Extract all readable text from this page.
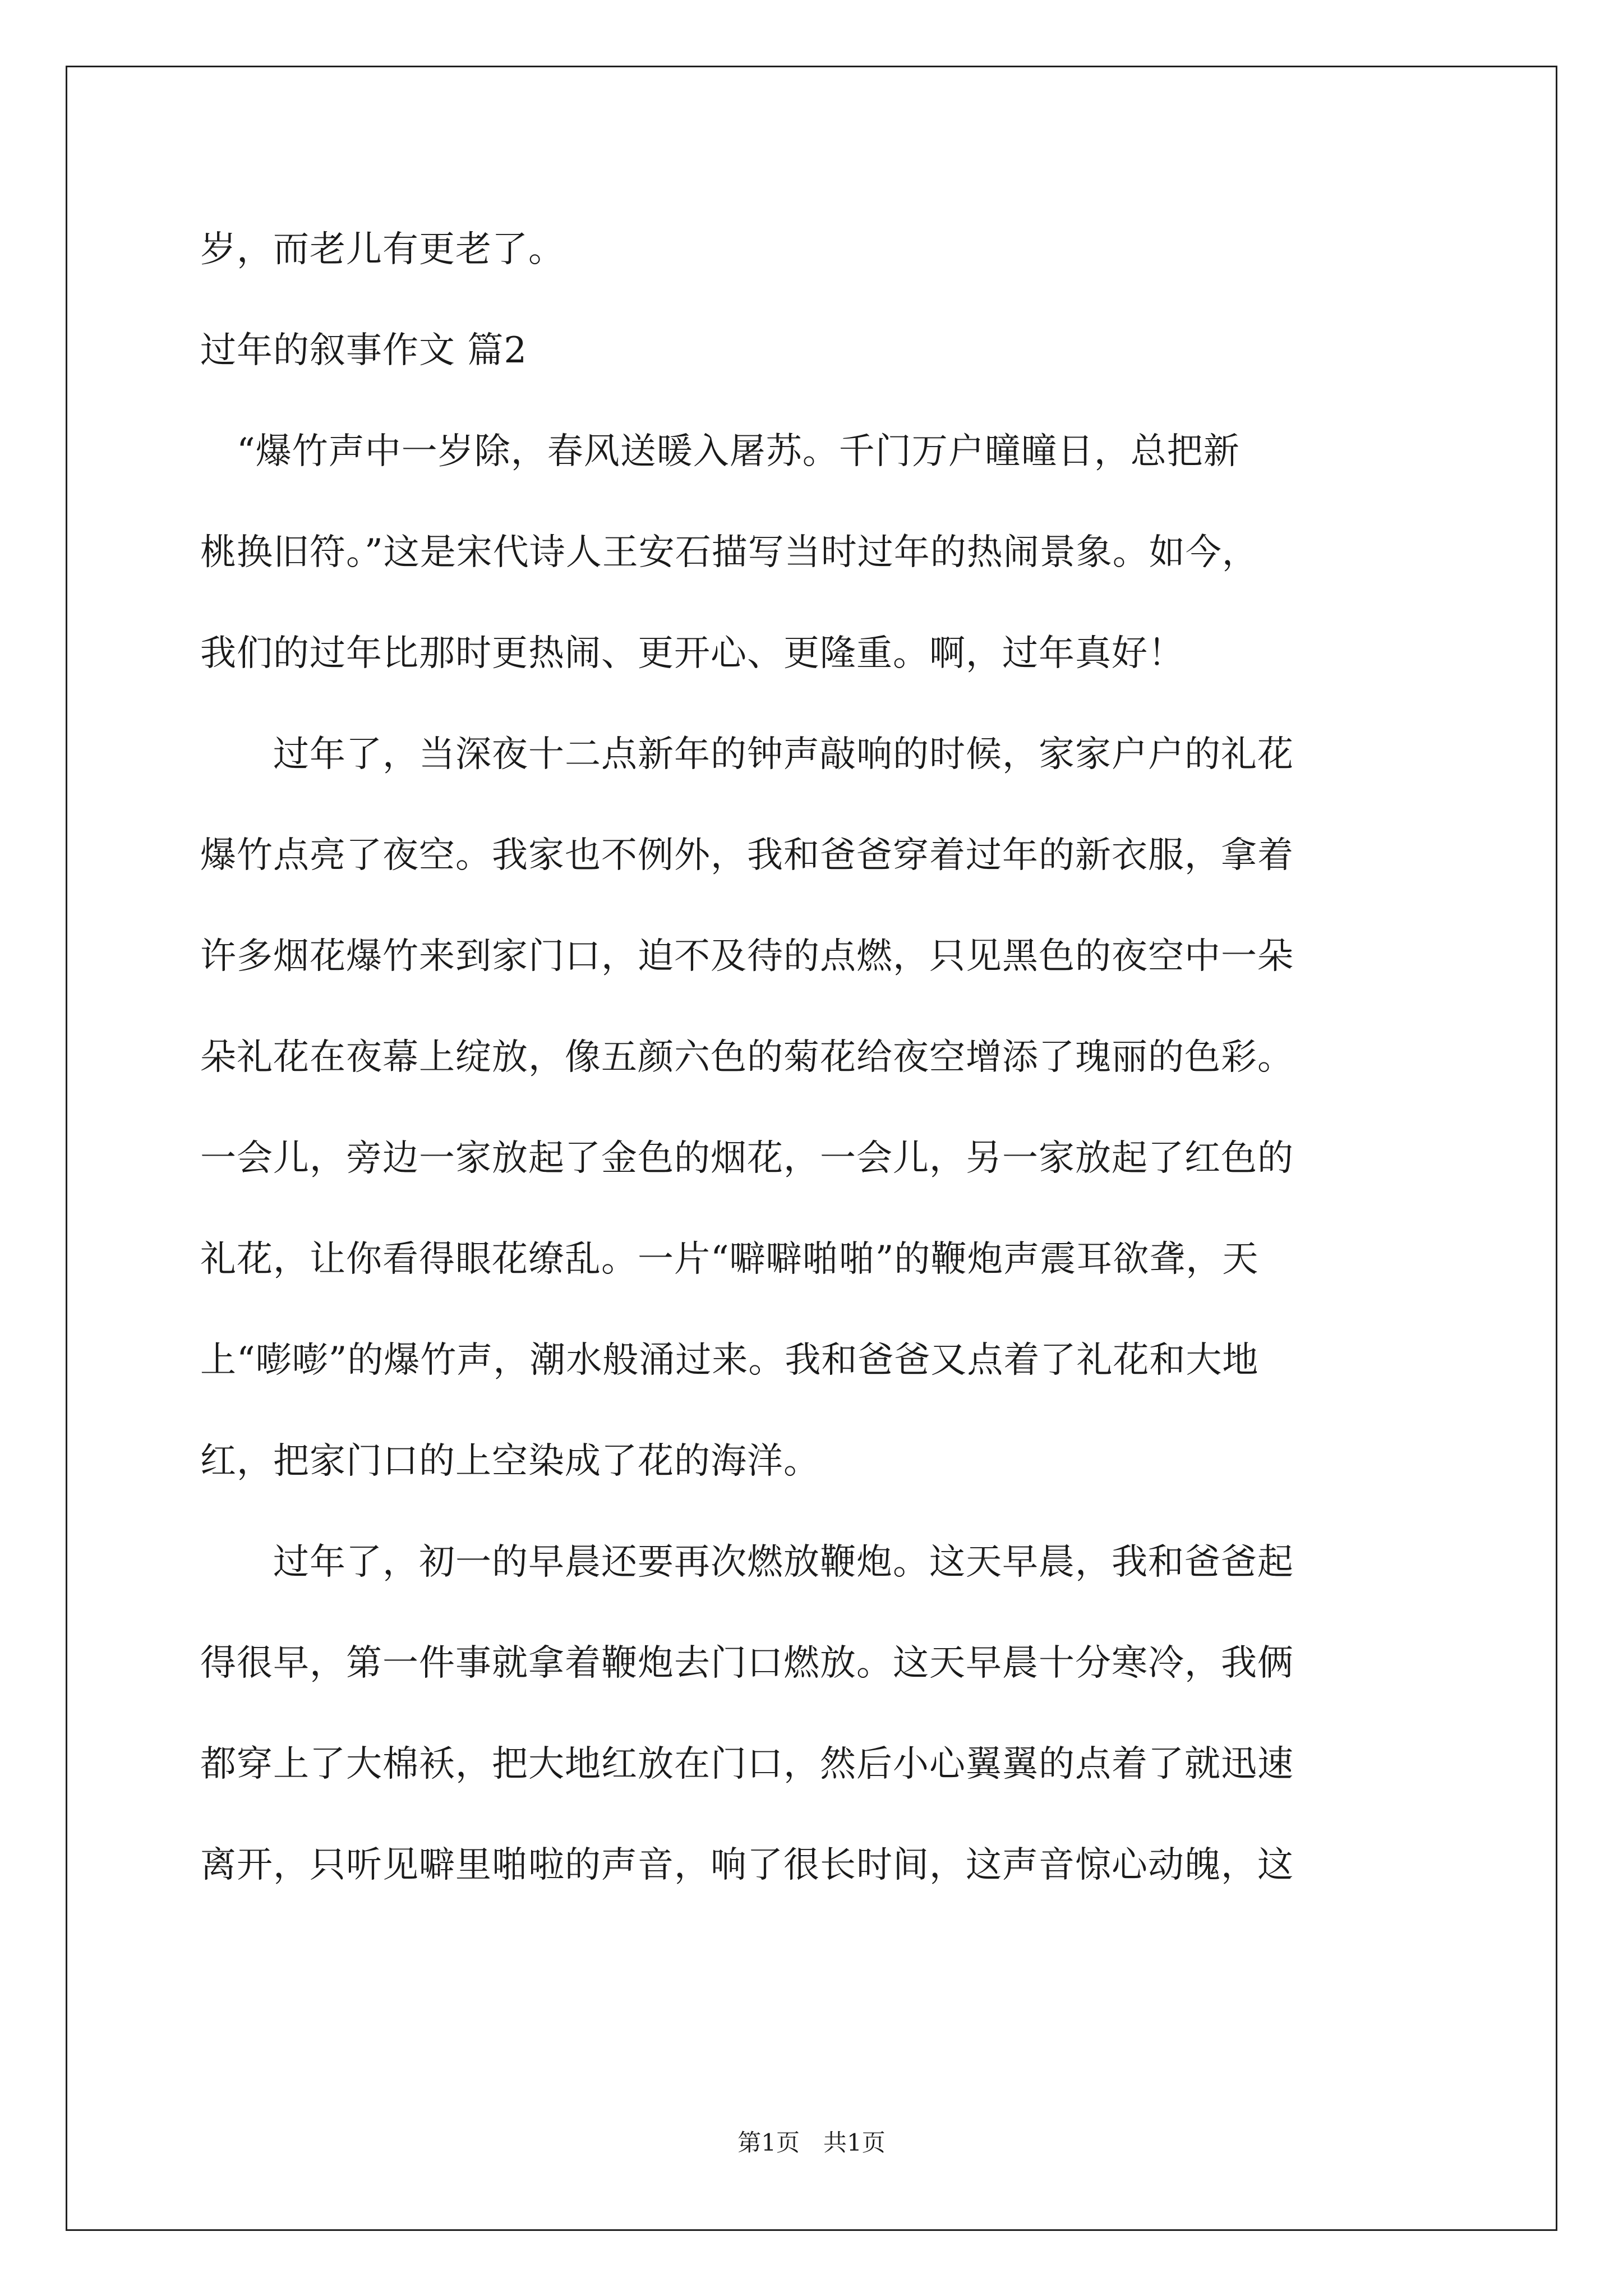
岁，而老儿有更老了。
过年的叙事作文 篇2
　“爆竹声中一岁除，春风送暖入屠苏。千门万户曈曈日，总把新
桃换旧符。”这是宋代诗人王安石描写当时过年的热闹景象。如今，
我们的过年比那时更热闹、更开心、更隆重。啊，过年真好！
　　过年了，当深夜十二点新年的钟声敲响的时候，家家户户的礼花
爆竹点亮了夜空。我家也不例外，我和爸爸穿着过年的新衣服，拿着
许多烟花爆竹来到家门口，迫不及待的点燃，只见黑色的夜空中一朵
朵礼花在夜幕上绽放，像五颜六色的菊花给夜空增添了瑰丽的色彩。
一会儿，旁边一家放起了金色的烟花，一会儿，另一家放起了红色的
礼花，让你看得眼花缭乱。一片“噼噼啪啪”的鞭炮声震耳欲聋，天
上“嘭嘭”的爆竹声，潮水般涌过来。我和爸爸又点着了礼花和大地
红，把家门口的上空染成了花的海洋。
　　过年了，初一的早晨还要再次燃放鞭炮。这天早晨，我和爸爸起
得很早，第一件事就拿着鞭炮去门口燃放。这天早晨十分寒冷，我俩
都穿上了大棉袄，把大地红放在门口，然后小心翼翼的点着了就迅速
离开，只听见噼里啪啦的声音，响了很长时间，这声音惊心动魄，这
第1页　共1页
